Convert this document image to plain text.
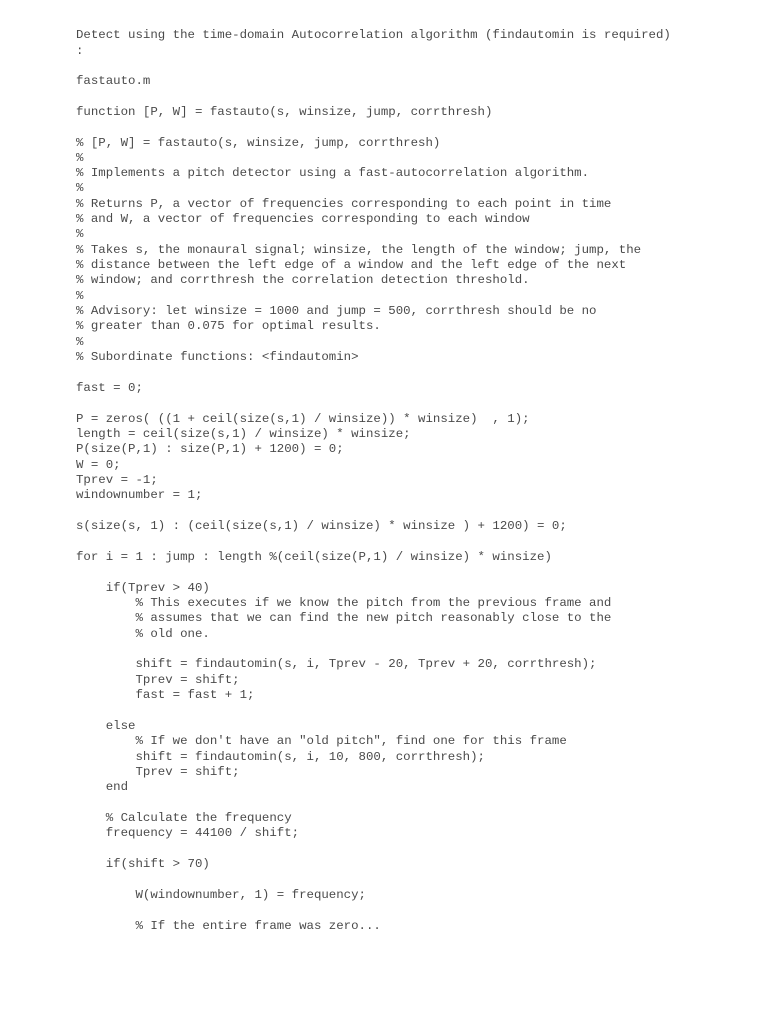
Detect using the time-domain Autocorrelation algorithm (findautomin is required)
:
fastauto.m
function [P, W] = fastauto(s, winsize, jump, corrthresh)
% [P, W] = fastauto(s, winsize, jump, corrthresh)
%
% Implements a pitch detector using a fast-autocorrelation algorithm.
%
% Returns P, a vector of frequencies corresponding to each point in time
% and W, a vector of frequencies corresponding to each window
%
% Takes s, the monaural signal; winsize, the length of the window; jump, the
% distance between the left edge of a window and the left edge of the next
% window; and corrthresh the correlation detection threshold.
%
% Advisory: let winsize = 1000 and jump = 500, corrthresh should be no
% greater than 0.075 for optimal results.
%
% Subordinate functions: <findautomin>
fast = 0;
P = zeros( ((1 + ceil(size(s,1) / winsize)) * winsize)  , 1);
length = ceil(size(s,1) / winsize) * winsize;
P(size(P,1) : size(P,1) + 1200) = 0;
W = 0;
Tprev = -1;
windownumber = 1;
s(size(s, 1) : (ceil(size(s,1) / winsize) * winsize ) + 1200) = 0;
for i = 1 : jump : length %(ceil(size(P,1) / winsize) * winsize)
if(Tprev > 40)
% This executes if we know the pitch from the previous frame and
% assumes that we can find the new pitch reasonably close to the
% old one.
shift = findautomin(s, i, Tprev - 20, Tprev + 20, corrthresh);
Tprev = shift;
fast = fast + 1;
else
% If we don't have an "old pitch", find one for this frame
shift = findautomin(s, i, 10, 800, corrthresh);
Tprev = shift;
end
% Calculate the frequency
frequency = 44100 / shift;
if(shift > 70)
W(windownumber, 1) = frequency;
% If the entire frame was zero...
